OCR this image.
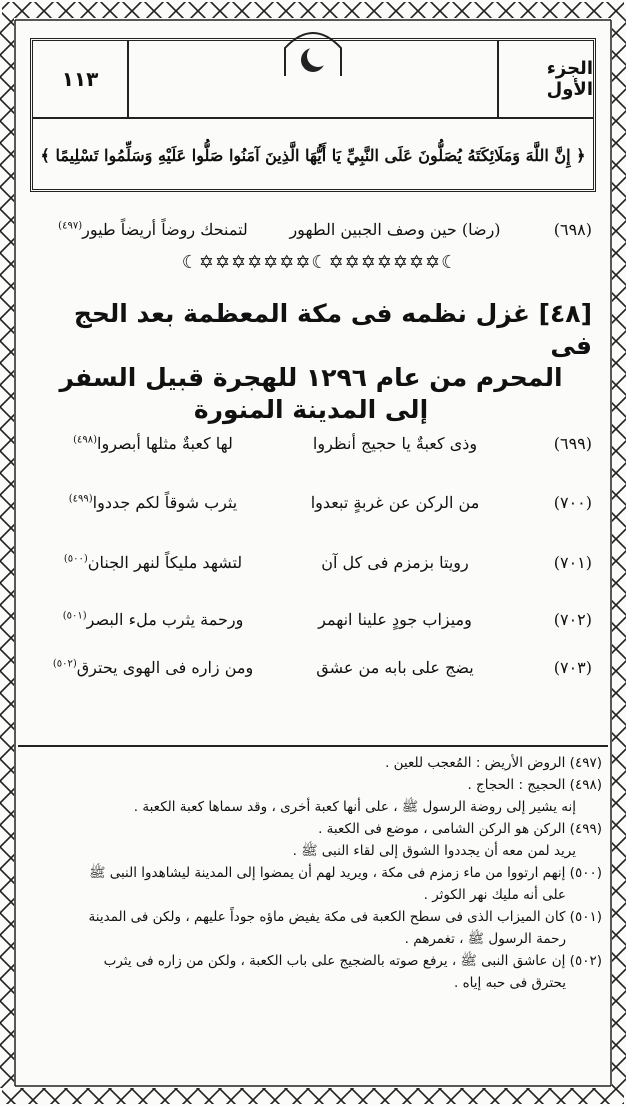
الجزء الأول
١١٣
﴿ إِنَّ اللَّهَ وَمَلَائِكَتَهُ يُصَلُّونَ عَلَى النَّبِيِّ يَا أَيُّهَا الَّذِينَ آمَنُوا صَلُّوا عَلَيْهِ وَسَلِّمُوا تَسْلِيمًا ﴾
(٦٩٨)
(رضا) حين وصف الجبين الطهور
لتمنحك روضاً أريضاً طيور$^{(٤٩٧)}$
☾✡✡✡✡✡✡✡☾✡✡✡✡✡✡✡☾
[٤٨] غزل نظمه فى مكة المعظمة بعد الحج فى
المحرم من عام ١٢٩٦ للهجرة قبيل السفر
إلى المدينة المنورة
(٦٩٩)
وذى كعبةٌ يا حجيج أنظروا
لها كعبةٌ مثلها أبصروا$^{(٤٩٨)}$
(٧٠٠)
من الركن عن غربةٍ تبعدوا
يثرب شوقاً لكم جددوا$^{(٤٩٩)}$
(٧٠١)
رويتا بزمزم فى كل آن
لتشهد مليكاً لنهر الجنان$^{(٥٠٠)}$
(٧٠٢)
وميزاب جودٍ علينا انهمر
ورحمة يثرب ملء البصر$^{(٥٠١)}$
(٧٠٣)
يضج على بابه من عشق
ومن زاره فى الهوى يحترق$^{(٥٠٢)}$

(٤٩٧) الروض الأريض : المُعجب للعين .

(٤٩٨) الحجيج : الحجاج .

إنه يشير إلى روضة الرسول ﷺ ، على أنها كعبة أخرى ، وقد سماها كعبة الكعبة .

(٤٩٩) الركن هو الركن الشامى ، موضع فى الكعبة .

يريد لمن معه أن يجددوا الشوق إلى لقاء النبى ﷺ .

(٥٠٠) إنهم ارتووا من ماء زمزم فى مكة ، ويريد لهم أن يمضوا إلى المدينة ليشاهدوا النبى ﷺ

على أنه مليك نهر الكوثر .

(٥٠١) كان الميزاب الذى فى سطح الكعبة فى مكة يفيض ماؤه جوداً عليهم ، ولكن فى المدينة

رحمة الرسول ﷺ ، تغمرهم .

(٥٠٢) إن عاشق النبى ﷺ ، يرفع صوته بالضجيج على باب الكعبة ، ولكن من زاره فى يثرب

يحترق فى حبه إياه .
